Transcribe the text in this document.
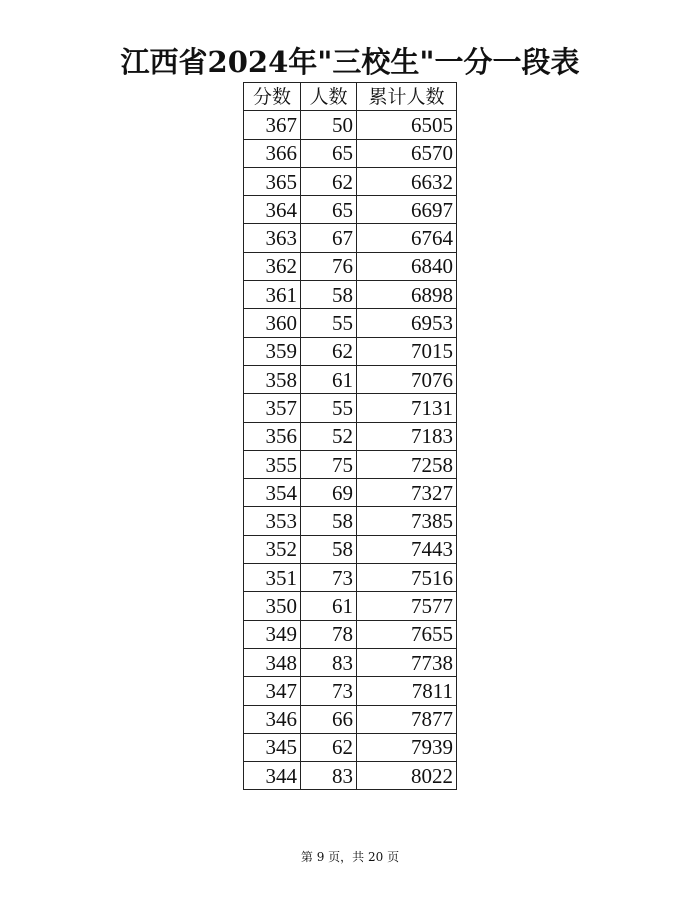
江西省2024年"三校生"一分一段表
分数	人数	累计人数
367	50	6505
366	65	6570
365	62	6632
364	65	6697
363	67	6764
362	76	6840
361	58	6898
360	55	6953
359	62	7015
358	61	7076
357	55	7131
356	52	7183
355	75	7258
354	69	7327
353	58	7385
352	58	7443
351	73	7516
350	61	7577
349	78	7655
348	83	7738
347	73	7811
346	66	7877
345	62	7939
344	83	8022
第 9 页，共 20 页
